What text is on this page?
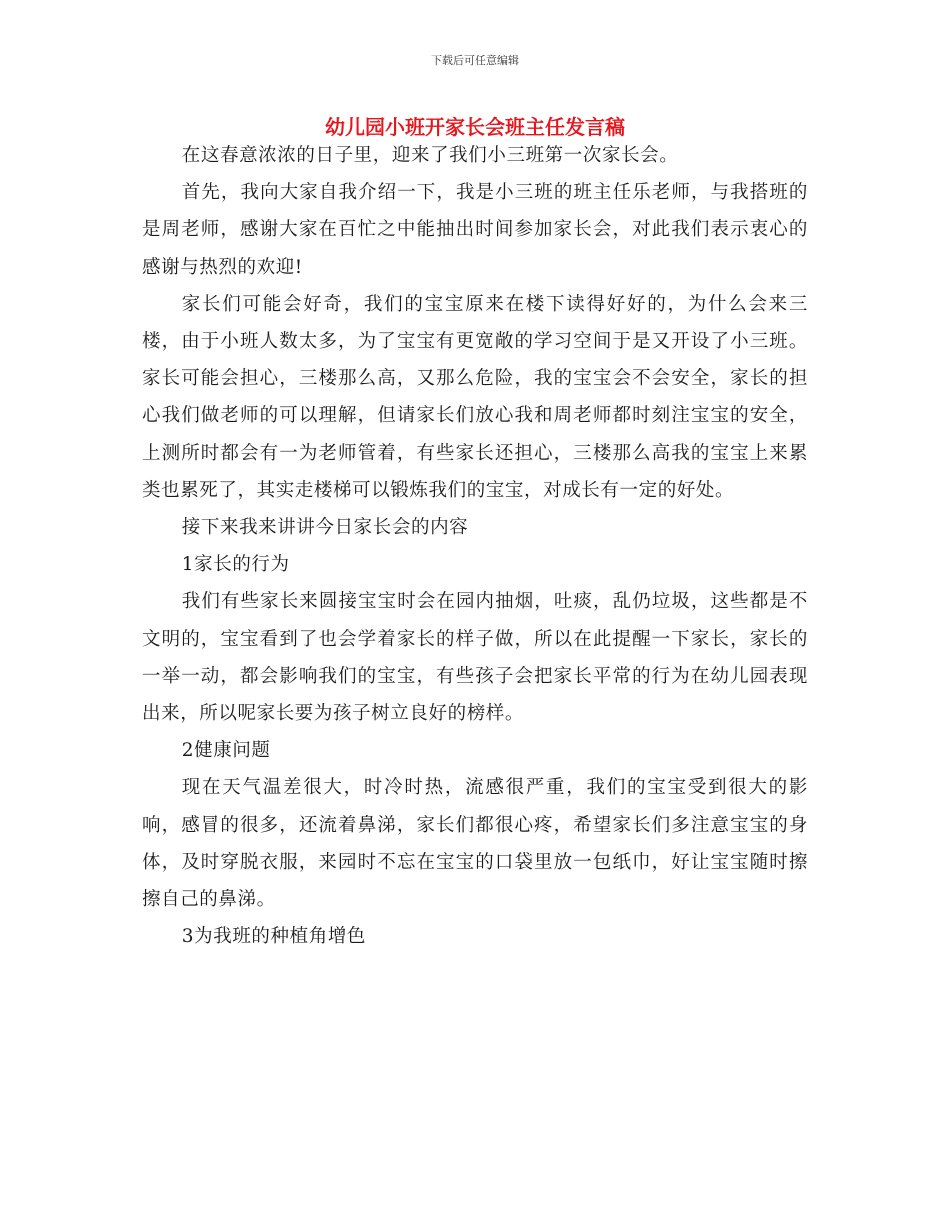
下载后可任意编辑
幼儿园小班开家长会班主任发言稿

在这春意浓浓的日子里，迎来了我们小三班第一次家长会。

首先，我向大家自我介绍一下，我是小三班的班主任乐老师，与我搭班的是周老师，感谢大家在百忙之中能抽出时间参加家长会，对此我们表示衷心的感谢与热烈的欢迎!

家长们可能会好奇，我们的宝宝原来在楼下读得好好的，为什么会来三楼，由于小班人数太多，为了宝宝有更宽敞的学习空间于是又开设了小三班。家长可能会担心，三楼那么高，又那么危险，我的宝宝会不会安全，家长的担心我们做老师的可以理解，但请家长们放心我和周老师都时刻注宝宝的安全，上测所时都会有一为老师管着，有些家长还担心，三楼那么高我的宝宝上来累类也累死了，其实走楼梯可以锻炼我们的宝宝，对成长有一定的好处。

接下来我来讲讲今日家长会的内容

1家长的行为

我们有些家长来圆接宝宝时会在园内抽烟，吐痰，乱仍垃圾，这些都是不文明的，宝宝看到了也会学着家长的样子做，所以在此提醒一下家长，家长的一举一动，都会影响我们的宝宝，有些孩子会把家长平常的行为在幼儿园表现出来，所以呢家长要为孩子树立良好的榜样。

2健康问题

现在天气温差很大，时冷时热，流感很严重，我们的宝宝受到很大的影响，感冒的很多，还流着鼻涕，家长们都很心疼，希望家长们多注意宝宝的身体，及时穿脱衣服，来园时不忘在宝宝的口袋里放一包纸巾，好让宝宝随时擦擦自己的鼻涕。

3为我班的种植角增色
